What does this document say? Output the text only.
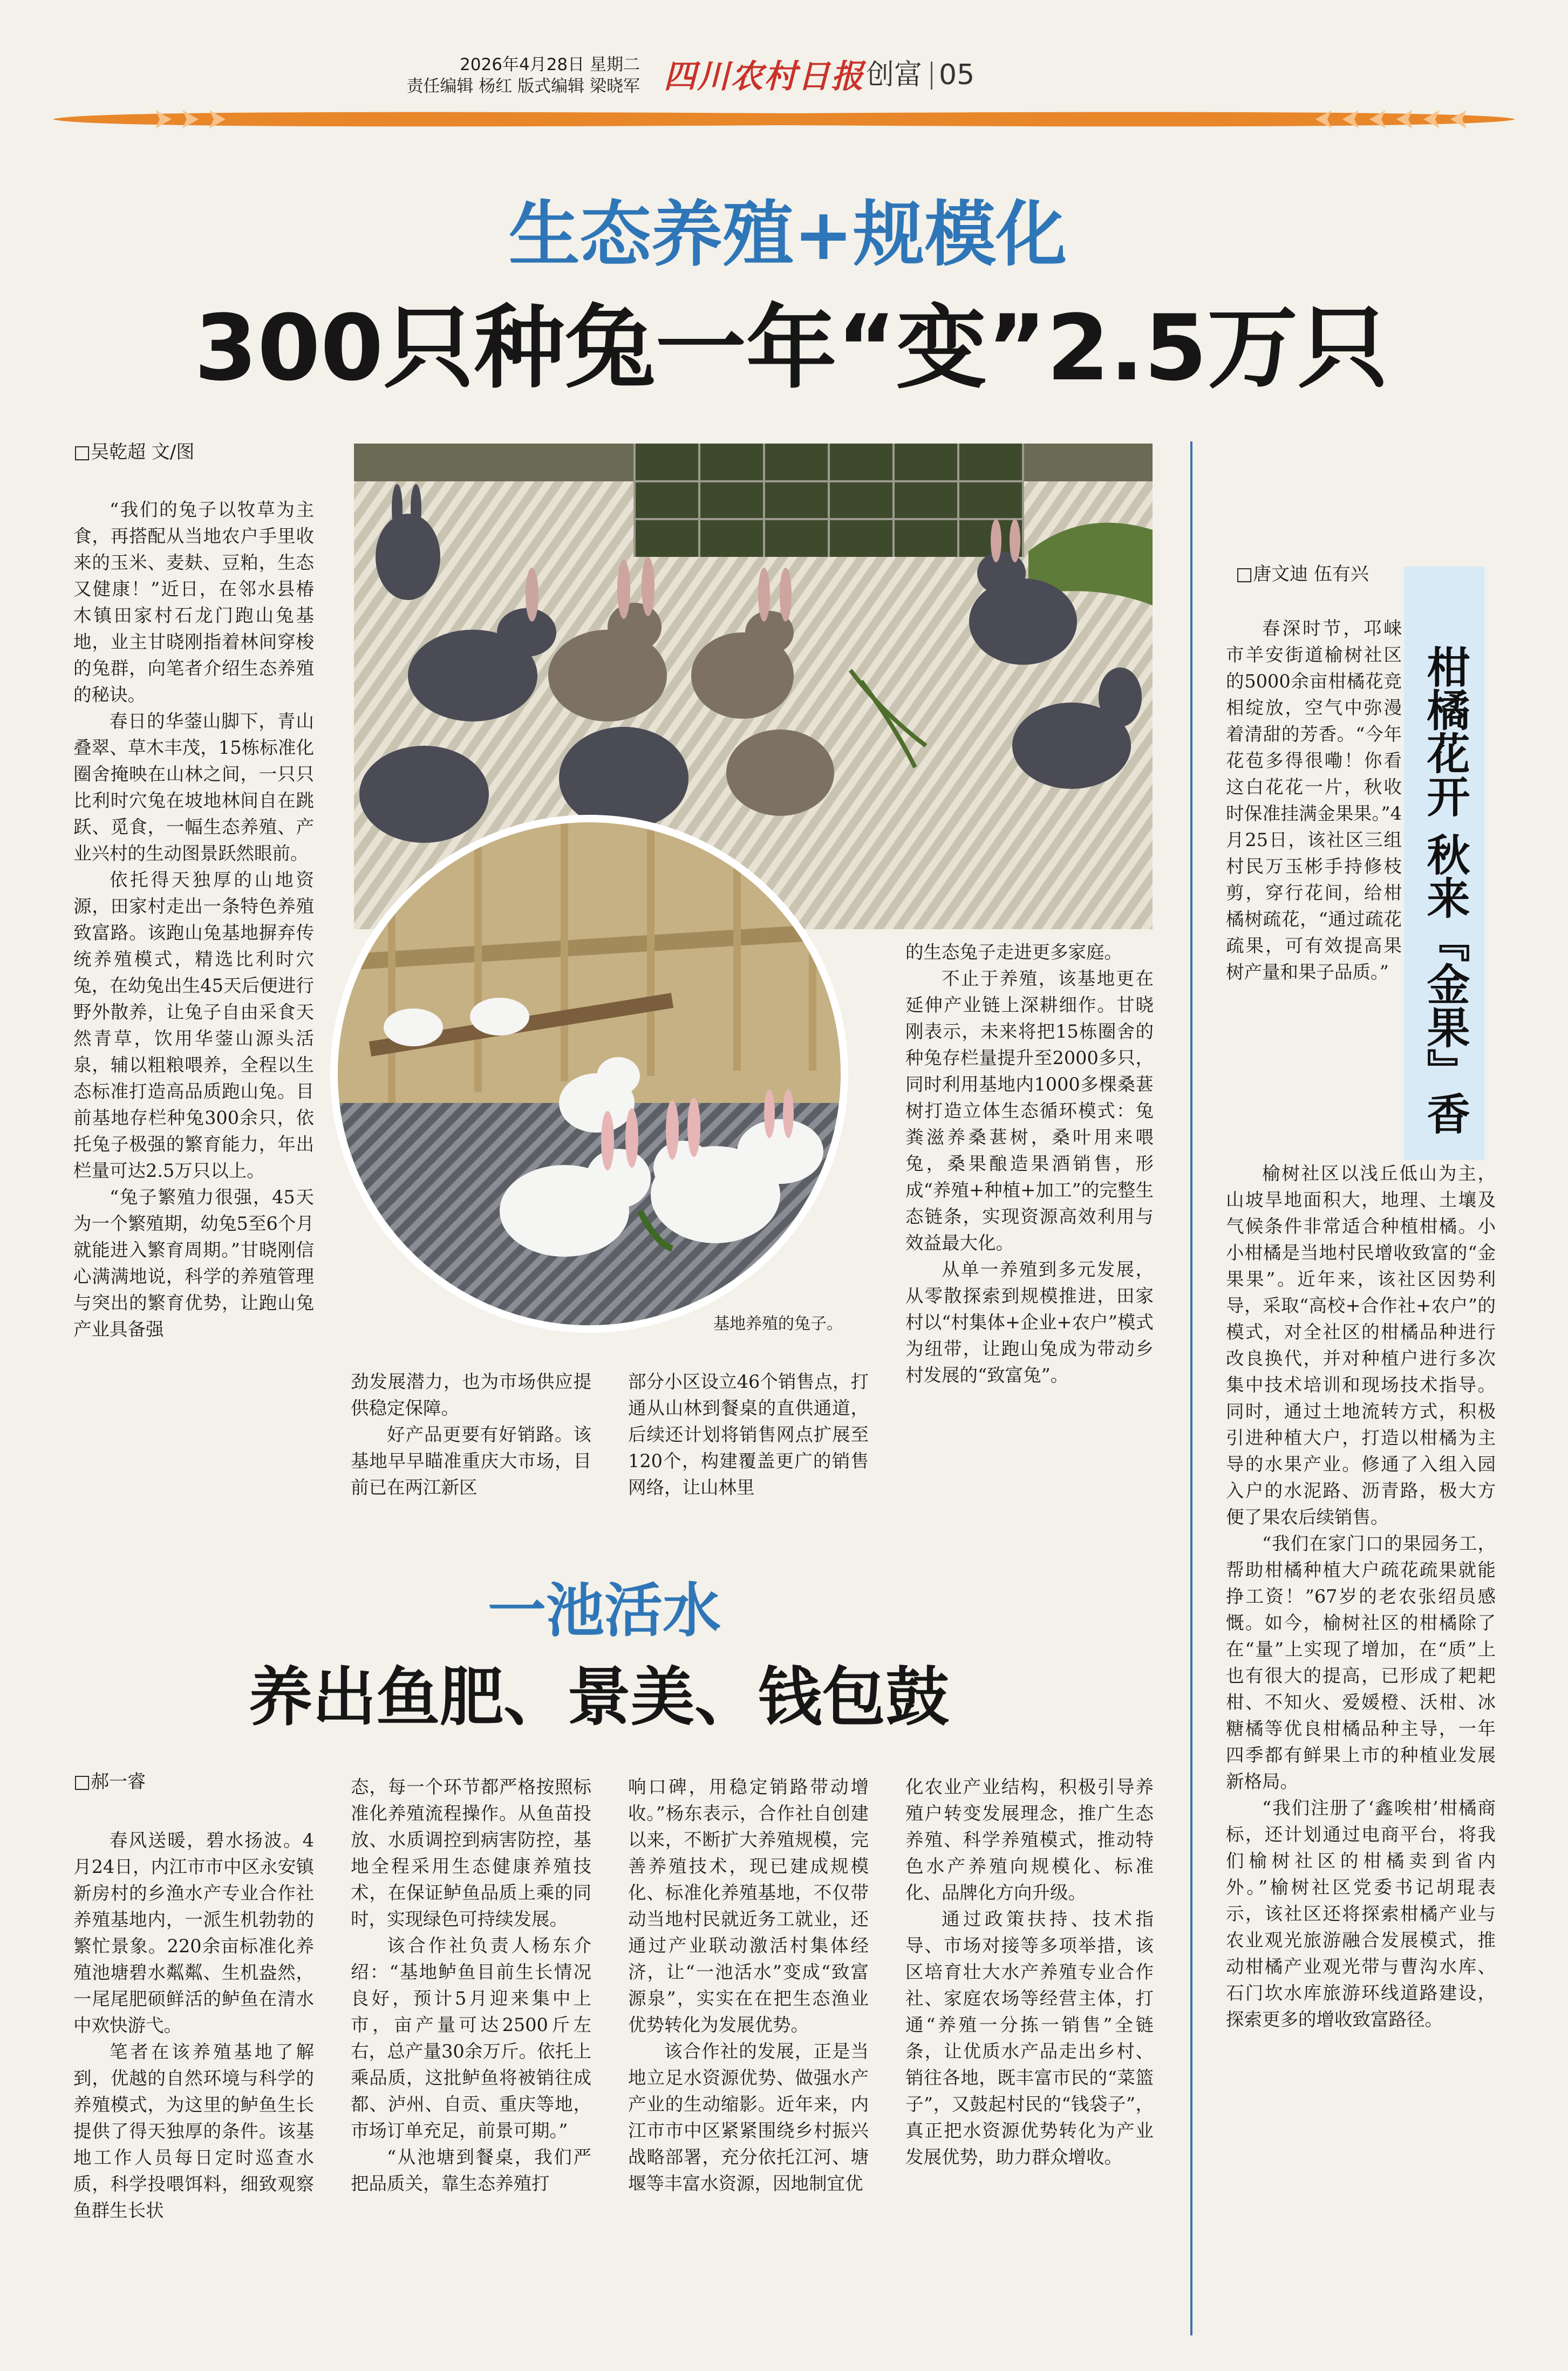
2026年4月28日 星期二
责任编辑 杨红 版式编辑 梁晓军 四川农村日报 创富 05
生态养殖+规模化
300只种兔一年“变”2.5万只
□吴乾超 文/图

“我们的兔子以牧草为主食，再搭配从当地农户手里收来的玉米、麦麸、豆粕，生态又健康！”近日，在邻水县椿木镇田家村石龙门跑山兔基地，业主甘晓刚指着林间穿梭的兔群，向笔者介绍生态养殖的秘诀。

春日的华蓥山脚下，青山叠翠、草木丰茂，15栋标准化圈舍掩映在山林之间，一只只比利时穴兔在坡地林间自在跳跃、觅食，一幅生态养殖、产业兴村的生动图景跃然眼前。

依托得天独厚的山地资源，田家村走出一条特色养殖致富路。该跑山兔基地摒弃传统养殖模式，精选比利时穴兔，在幼兔出生45天后便进行野外散养，让兔子自由采食天然青草，饮用华蓥山源头活泉，辅以粗粮喂养，全程以生态标准打造高品质跑山兔。目前基地存栏种兔300余只，依托兔子极强的繁育能力，年出栏量可达2.5万只以上。

“兔子繁殖力很强，45天为一个繁殖期，幼兔5至6个月就能进入繁育周期。”甘晓刚信心满满地说，科学的养殖管理与突出的繁育优势，让跑山兔产业具备强	基地养殖的兔子。

劲发展潜力，也为市场供应提供稳定保障。

好产品更要有好销路。该基地早早瞄准重庆大市场，目前已在两江新区

部分小区设立46个销售点，打通从山林到餐桌的直供通道，后续还计划将销售网点扩展至120个，构建覆盖更广的销售网络，让山林里

的生态兔子走进更多家庭。

不止于养殖，该基地更在延伸产业链上深耕细作。甘晓刚表示，未来将把15栋圈舍的种兔存栏量提升至2000多只，同时利用基地内1000多棵桑葚树打造立体生态循环模式：兔粪滋养桑葚树，桑叶用来喂兔，桑果酿造果酒销售，形成“养殖+种植+加工”的完整生态链条，实现资源高效利用与效益最大化。

从单一养殖到多元发展，从零散探索到规模推进，田家村以“村集体+企业+农户”模式为纽带，让跑山兔成为带动乡村发展的“致富兔”。

一池活水
养出鱼肥、景美、钱包鼓
□郝一睿

春风送暖，碧水扬波。4月24日，内江市市中区永安镇新房村的乡渔水产专业合作社养殖基地内，一派生机勃勃的繁忙景象。220余亩标准化养殖池塘碧水粼粼、生机盎然，一尾尾肥硕鲜活的鲈鱼在清水中欢快游弋。

笔者在该养殖基地了解到，优越的自然环境与科学的养殖模式，为这里的鲈鱼生长提供了得天独厚的条件。该基地工作人员每日定时巡查水质，科学投喂饵料，细致观察鱼群生长状

态，每一个环节都严格按照标准化养殖流程操作。从鱼苗投放、水质调控到病害防控，基地全程采用生态健康养殖技术，在保证鲈鱼品质上乘的同时，实现绿色可持续发展。

该合作社负责人杨东介绍：“基地鲈鱼目前生长情况良好，预计5月迎来集中上市，亩产量可达2500斤左右，总产量30余万斤。依托上乘品质，这批鲈鱼将被销往成都、泸州、自贡、重庆等地，市场订单充足，前景可期。”

“从池塘到餐桌，我们严把品质关，靠生态养殖打

响口碑，用稳定销路带动增收。”杨东表示，合作社自创建以来，不断扩大养殖规模，完善养殖技术，现已建成规模化、标准化养殖基地，不仅带动当地村民就近务工就业，还通过产业联动激活村集体经济，让“一池活水”变成“致富源泉”，实实在在把生态渔业优势转化为发展优势。

该合作社的发展，正是当地立足水资源优势、做强水产产业的生动缩影。近年来，内江市市中区紧紧围绕乡村振兴战略部署，充分依托江河、塘堰等丰富水资源，因地制宜优

化农业产业结构，积极引导养殖户转变发展理念，推广生态养殖、科学养殖模式，推动特色水产养殖向规模化、标准化、品牌化方向升级。

通过政策扶持、技术指导、市场对接等多项举措，该区培育壮大水产养殖专业合作社、家庭农场等经营主体，打通“养殖一分拣一销售”全链条，让优质水产品走出乡村、销往各地，既丰富市民的“菜篮子”，又鼓起村民的“钱袋子”，真正把水资源优势转化为产业发展优势，助力群众增收。

□唐文迪 伍有兴
柑橘花开 秋来『金果』香

春深时节，邛崃市羊安街道榆树社区的5000余亩柑橘花竞相绽放，空气中弥漫着清甜的芳香。“今年花苞多得很嘞！你看这白花花一片，秋收时保准挂满金果果。”4月25日，该社区三组村民万玉彬手持修枝剪，穿行花间，给柑橘树疏花，“通过疏花疏果，可有效提高果树产量和果子品质。”

榆树社区以浅丘低山为主，山坡旱地面积大，地理、土壤及气候条件非常适合种植柑橘。小小柑橘是当地村民增收致富的“金果果”。近年来，该社区因势利导，采取“高校+合作社+农户”的模式，对全社区的柑橘品种进行改良换代，并对种植户进行多次集中技术培训和现场技术指导。同时，通过土地流转方式，积极引进种植大户，打造以柑橘为主导的水果产业。修通了入组入园入户的水泥路、沥青路，极大方便了果农后续销售。

“我们在家门口的果园务工，帮助柑橘种植大户疏花疏果就能挣工资！”67岁的老农张绍员感慨。如今，榆树社区的柑橘除了在“量”上实现了增加，在“质”上也有很大的提高，已形成了耙耙柑、不知火、爱媛橙、沃柑、冰糖橘等优良柑橘品种主导，一年四季都有鲜果上市的种植业发展新格局。

“我们注册了‘鑫唉柑’柑橘商标，还计划通过电商平台，将我们榆树社区的柑橘卖到省内外。”榆树社区党委书记胡琨表示，该社区还将探索柑橘产业与农业观光旅游融合发展模式，推动柑橘产业观光带与曹沟水库、石门坎水库旅游环线道路建设，探索更多的增收致富路径。
